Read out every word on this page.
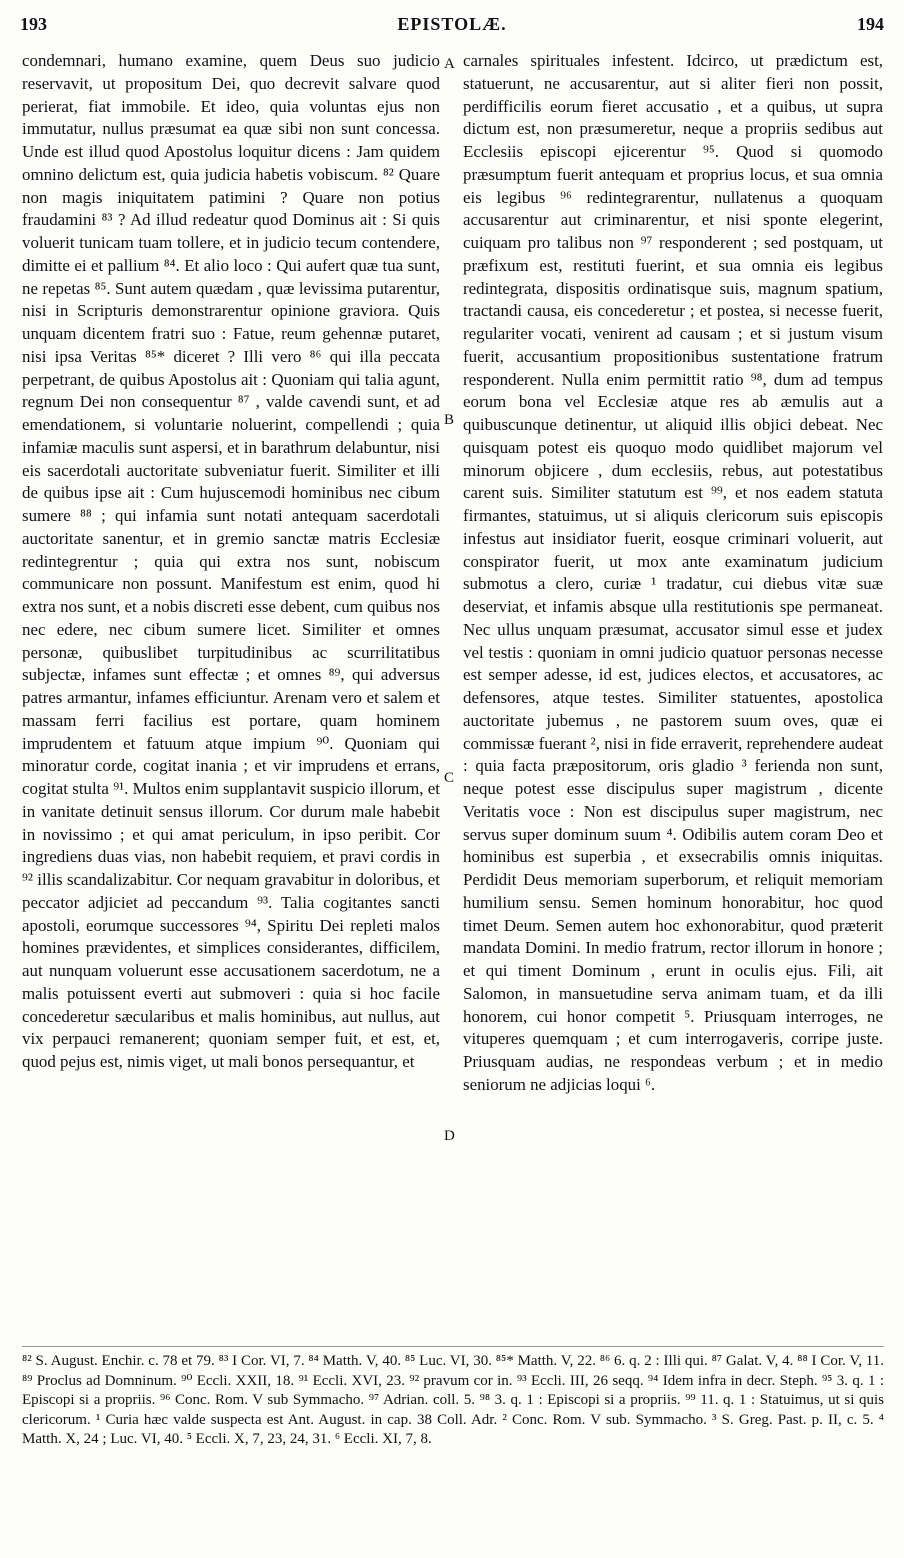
193	EPISTOLÆ.	194

condemnari, humano examine, quem Deus suo judicio reservavit, ut propositum Dei, quo decrevit salvare quod perierat, fiat immobile. Et ideo, quia voluntas ejus non immutatur, nullus præsumat ea quæ sibi non sunt concessa. Unde est illud quod Apostolus loquitur dicens : Jam quidem omnino delictum est, quia judicia habetis vobiscum. ⁸² Quare non magis iniquitatem patimini ? Quare non potius fraudamini ⁸³ ? Ad illud redeatur quod Dominus ait : Si quis voluerit tunicam tuam tollere, et in judicio tecum contendere, dimitte ei et pallium ⁸⁴. Et alio loco : Qui aufert quæ tua sunt, ne repetas ⁸⁵. Sunt autem quædam , quæ levissima putarentur, nisi in Scripturis demonstrarentur opinione graviora. Quis unquam dicentem fratri suo : Fatue, reum gehennæ putaret, nisi ipsa Veritas ⁸⁵* diceret ? Illi vero ⁸⁶ qui illa peccata perpetrant, de quibus Apostolus ait : Quoniam qui talia agunt, regnum Dei non consequentur ⁸⁷ , valde cavendi sunt, et ad emendationem, si voluntarie noluerint, compellendi ; quia infamiæ maculis sunt aspersi, et in barathrum delabuntur, nisi eis sacerdotali auctoritate subveniatur fuerit. Similiter et illi de quibus ipse ait : Cum hujuscemodi hominibus nec cibum sumere ⁸⁸ ; qui infamia sunt notati antequam sacerdotali auctoritate sanentur, et in gremio sanctæ matris Ecclesiæ redintegrentur ; quia qui extra nos sunt, nobiscum communicare non possunt. Manifestum est enim, quod hi extra nos sunt, et a nobis discreti esse debent, cum quibus nos nec edere, nec cibum sumere licet. Similiter et omnes personæ, quibuslibet turpitudinibus ac scurrilitatibus subjectæ, infames sunt effectæ ; et omnes ⁸⁹, qui adversus patres armantur, infames efficiuntur. Arenam vero et salem et massam ferri facilius est portare, quam hominem imprudentem et fatuum atque impium ⁹⁰. Quoniam qui minoratur corde, cogitat inania ; et vir imprudens et errans, cogitat stulta ⁹¹. Multos enim supplantavit suspicio illorum, et in vanitate detinuit sensus illorum. Cor durum male habebit in novissimo ; et qui amat periculum, in ipso peribit. Cor ingrediens duas vias, non habebit requiem, et pravi cordis in ⁹² illis scandalizabitur. Cor nequam gravabitur in doloribus, et peccator adjiciet ad peccandum ⁹³. Talia cogitantes sancti apostoli, eorumque successores ⁹⁴, Spiritu Dei repleti malos homines prævidentes, et simplices considerantes, difficilem, aut nunquam voluerunt esse accusationem sacerdotum, ne a malis potuissent everti aut submoveri : quia si hoc facile concederetur sæcularibus et malis hominibus, aut nullus, aut vix perpauci remanerent; quoniam semper fuit, et est, et, quod pejus est, nimis viget, ut mali bonos persequantur, et

A
B
C
D

carnales spirituales infestent. Idcirco, ut prædictum est, statuerunt, ne accusarentur, aut si aliter fieri non possit, perdifficilis eorum fieret accusatio , et a quibus, ut supra dictum est, non præsumeretur, neque a propriis sedibus aut Ecclesiis episcopi ejicerentur ⁹⁵. Quod si quomodo præsumptum fuerit antequam et proprius locus, et sua omnia eis legibus ⁹⁶ redintegrarentur, nullatenus a quoquam accusarentur aut criminarentur, et nisi sponte elegerint, cuiquam pro talibus non ⁹⁷ responderent ; sed postquam, ut præfixum est, restituti fuerint, et sua omnia eis legibus redintegrata, dispositis ordinatisque suis, magnum spatium, tractandi causa, eis concederetur ; et postea, si necesse fuerit, regulariter vocati, venirent ad causam ; et si justum visum fuerit, accusantium propositionibus sustentatione fratrum responderent. Nulla enim permittit ratio ⁹⁸, dum ad tempus eorum bona vel Ecclesiæ atque res ab æmulis aut a quibuscunque detinentur, ut aliquid illis objici debeat. Nec quisquam potest eis quoquo modo quidlibet majorum vel minorum objicere , dum ecclesiis, rebus, aut potestatibus carent suis. Similiter statutum est ⁹⁹, et nos eadem statuta firmantes, statuimus, ut si aliquis clericorum suis episcopis infestus aut insidiator fuerit, eosque criminari voluerit, aut conspirator fuerit, ut mox ante examinatum judicium submotus a clero, curiæ ¹ tradatur, cui diebus vitæ suæ deserviat, et infamis absque ulla restitutionis spe permaneat. Nec ullus unquam præsumat, accusator simul esse et judex vel testis : quoniam in omni judicio quatuor personas necesse est semper adesse, id est, judices electos, et accusatores, ac defensores, atque testes. Similiter statuentes, apostolica auctoritate jubemus , ne pastorem suum oves, quæ ei commissæ fuerant ², nisi in fide erraverit, reprehendere audeat : quia facta præpositorum, oris gladio ³ ferienda non sunt, neque potest esse discipulus super magistrum , dicente Veritatis voce : Non est discipulus super magistrum, nec servus super dominum suum ⁴. Odibilis autem coram Deo et hominibus est superbia , et exsecrabilis omnis iniquitas. Perdidit Deus memoriam superborum, et reliquit memoriam humilium sensu. Semen hominum honorabitur, hoc quod timet Deum. Semen autem hoc exhonorabitur, quod præterit mandata Domini. In medio fratrum, rector illorum in honore ; et qui timent Dominum , erunt in oculis ejus. Fili, ait Salomon, in mansuetudine serva animam tuam, et da illi honorem, cui honor competit ⁵. Priusquam interroges, ne vituperes quemquam ; et cum interrogaveris, corripe juste. Priusquam audias, ne respondeas verbum ; et in medio seniorum ne adjicias loqui ⁶.

⁸² S. August. Enchir. c. 78 et 79. ⁸³ I Cor. VI, 7. ⁸⁴ Matth. V, 40. ⁸⁵ Luc. VI, 30. ⁸⁵* Matth. V, 22. ⁸⁶ 6. q. 2 : Illi qui. ⁸⁷ Galat. V, 4. ⁸⁸ I Cor. V, 11. ⁸⁹ Proclus ad Domninum. ⁹⁰ Eccli. XXII, 18. ⁹¹ Eccli. XVI, 23. ⁹² pravum cor in. ⁹³ Eccli. III, 26 seqq. ⁹⁴ Idem infra in decr. Steph. ⁹⁵ 3. q. 1 : Episcopi si a propriis. ⁹⁶ Conc. Rom. V sub Symmacho. ⁹⁷ Adrian. coll. 5. ⁹⁸ 3. q. 1 : Episcopi si a propriis. ⁹⁹ 11. q. 1 : Statuimus, ut si quis clericorum. ¹ Curia hæc valde suspecta est Ant. August. in cap. 38 Coll. Adr. ² Conc. Rom. V sub. Symmacho. ³ S. Greg. Past. p. II, c. 5. ⁴ Matth. X, 24 ; Luc. VI, 40. ⁵ Eccli. X, 7, 23, 24, 31. ⁶ Eccli. XI, 7, 8.
